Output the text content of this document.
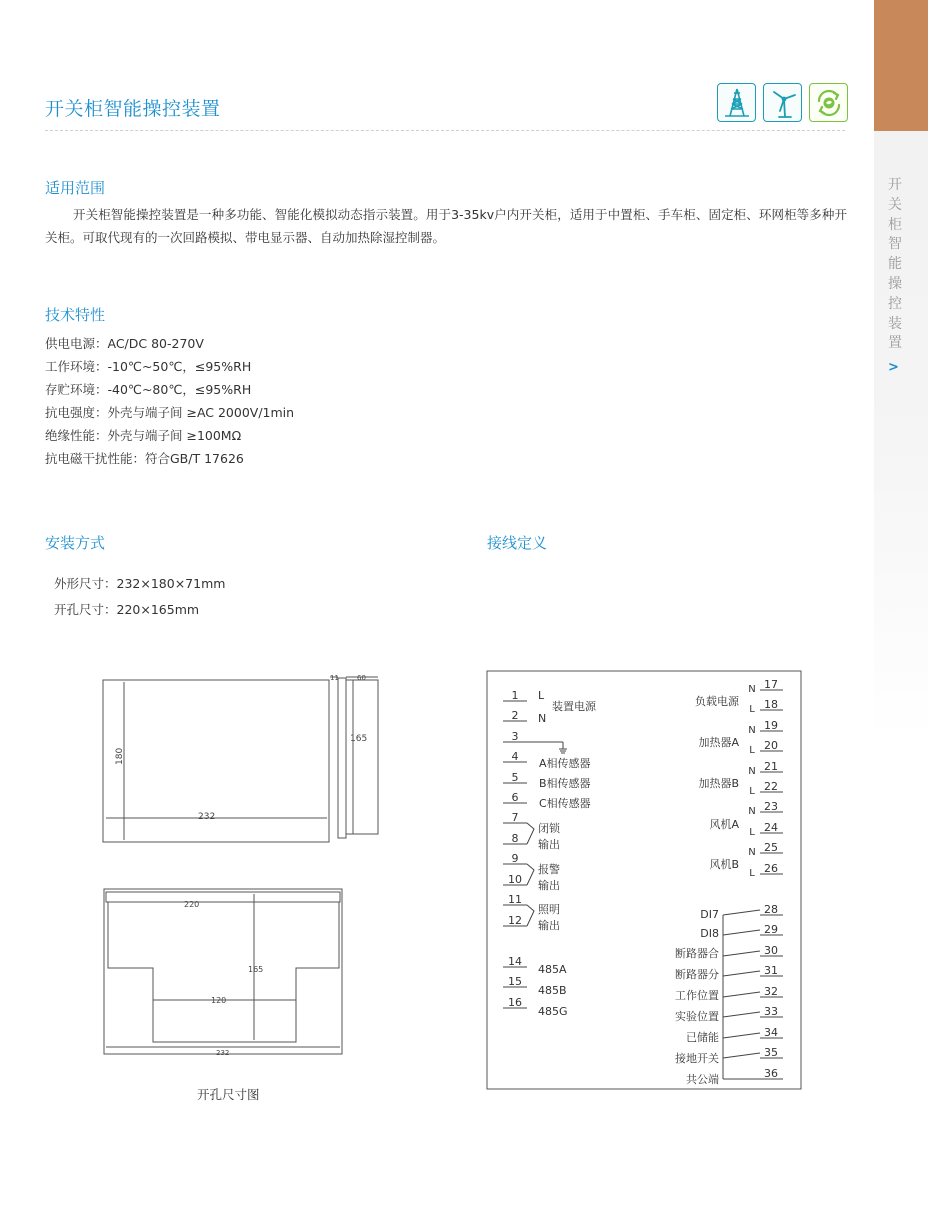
开关柜智能操控装置
>
开关柜智能操控装置
适用范围
开关柜智能操控装置是一种多功能、智能化模拟动态指示装置。用于3-35kv户内开关柜，适用于中置柜、手车柜、固定柜、环网柜等多种开关柜。可取代现有的一次回路模拟、带电显示器、自动加热除湿控制器。
技术特性
供电电源：AC/DC 80-270V
工作环境：-10℃~50℃，≤95%RH
存贮环境：-40℃~80℃，≤95%RH
抗电强度：外壳与端子间 ≥AC 2000V/1min
绝缘性能：外壳与端子间 ≥100MΩ
抗电磁干扰性能：符合GB/T 17626
安装方式	接线定义
外形尺寸：232×180×71mm
开孔尺寸：220×165mm
232
180
11	60
165
220
165
120
232
开孔尺寸图
1
2
3
4
5
6
7
8
9
10
11
12
14
15
16
L
N
装置电源
A相传感器
B相传感器
C相传感器
闭锁
输出
报警
输出
照明
输出
485A
485B
485G
17
18
19
20
21
22
23
24
25
26
28
29
30
31
32
33
34
35
36
N
L
N
L
N
L
N
L
N
L
负载电源
加热器A
加热器B
风机A
风机B
DI7
DI8
断路器合
断路器分
工作位置
实验位置
已储能
接地开关
共公端
